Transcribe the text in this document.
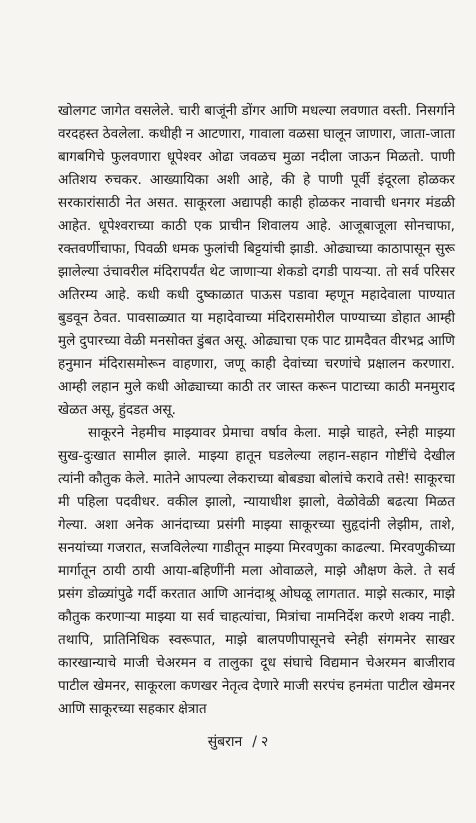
खोलगट जागेत वसलेले. चारी बाजूंनी डोंगर आणि मधल्या लवणात वस्ती. निसर्गाने वरदहस्त ठेवलेला. कधीही न आटणारा, गावाला वळसा घालून जाणारा, जाता-जाता बागबगिचे फुलवणारा धूपेश्वर ओढा जवळच मुळा नदीला जाऊन मिळतो. पाणी अतिशय रुचकर. आख्यायिका अशी आहे, की हे पाणी पूर्वी इंदूरला होळकर सरकारांसाठी नेत असत. साकूरला अद्यापही काही होळकर नावाची धनगर मंडळी आहेत. धूपेश्वराच्या काठी एक प्राचीन शिवालय आहे. आजूबाजूला सोनचाफा, रक्तवर्णीचाफा, पिवळी धमक फुलांची बिट्टयांची झाडी. ओढ्याच्या काठापासून सुरू झालेल्या उंचावरील मंदिरापर्यंत थेट जाणाऱ्या शेकडो दगडी पायऱ्या. तो सर्व परिसर अतिरम्य आहे. कधी कधी दुष्काळात पाऊस पडावा म्हणून महादेवाला पाण्यात बुडवून ठेवत. पावसाळ्यात या महादेवाच्या मंदिरासमोरील पाण्याच्या डोहात आम्ही मुले दुपारच्या वेळी मनसोक्त डुंबत असू. ओढ्याचा एक पाट ग्रामदैवत वीरभद्र आणि हनुमान मंदिरासमोरून वाहणारा, जणू काही देवांच्या चरणांचे प्रक्षालन करणारा. आम्ही लहान मुले कधी ओढ्याच्या काठी तर जास्त करून पाटाच्या काठी मनमुराद खेळत असू, हुंदडत असू.

साकूरने नेहमीच माझ्यावर प्रेमाचा वर्षाव केला. माझे चाहते, स्नेही माझ्या सुख-दुःखात सामील झाले. माझ्या हातून घडलेल्या लहान-सहान गोष्टींचे देखील त्यांनी कौतुक केले. मातेने आपल्या लेकराच्या बोबड्या बोलांचे करावे तसे! साकूरचा मी पहिला पदवीधर. वकील झालो, न्यायाधीश झालो, वेळोवेळी बढत्या मिळत गेल्या. अशा अनेक आनंदाच्या प्रसंगी माझ्या साकूरच्या सुहृदांनी लेझीम, ताशे, सनयांच्या गजरात, सजविलेल्या गाडीतून माझ्या मिरवणुका काढल्या. मिरवणुकीच्या मार्गातून ठायी ठायी आया-बहिणींनी मला ओवाळले, माझे औक्षण केले. ते सर्व प्रसंग डोळ्यांपुढे गर्दी करतात आणि आनंदाश्रू ओघळू लागतात. माझे सत्कार, माझे कौतुक करणाऱ्या माझ्या या सर्व चाहत्यांचा, मित्रांचा नामनिर्देश करणे शक्य नाही. तथापि, प्रातिनिधिक स्वरूपात, माझे बालपणीपासूनचे स्नेही संगमनेर साखर कारखान्याचे माजी चेअरमन व तालुका दूध संघाचे विद्यमान चेअरमन बाजीराव पाटील खेमनर, साकूरला कणखर नेतृत्व देणारे माजी सरपंच हनमंता पाटील खेमनर आणि साकूरच्या सहकार क्षेत्रात

सुंबरान / २
